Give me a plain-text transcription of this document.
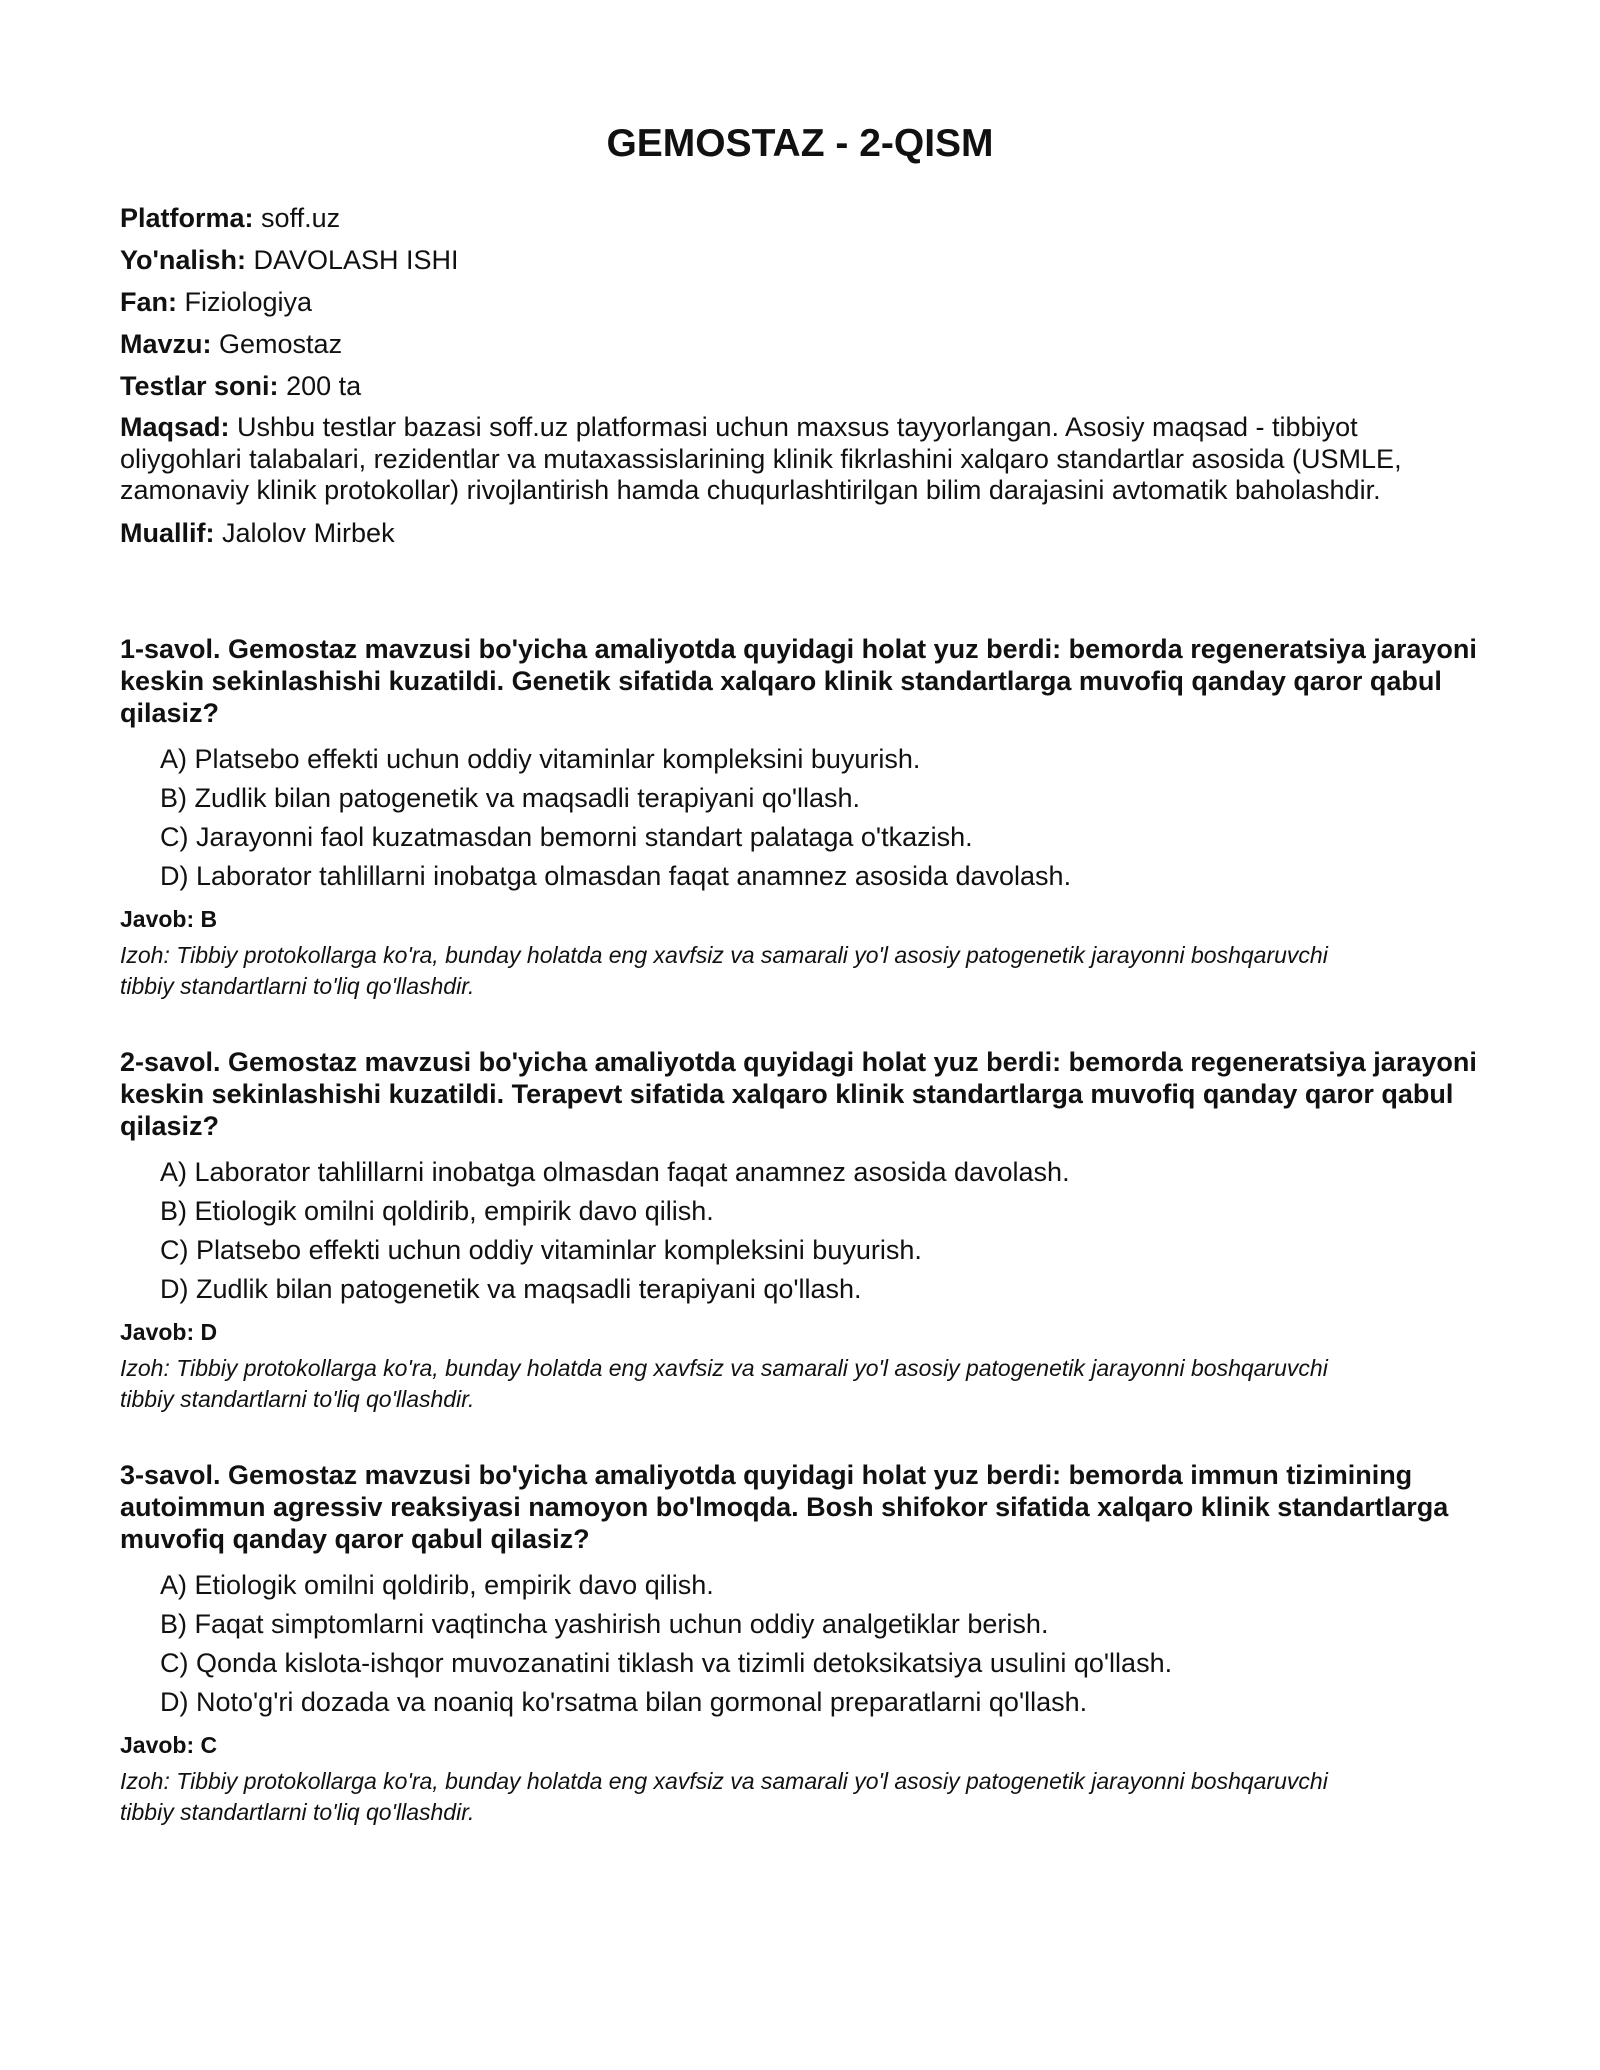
GEMOSTAZ - 2-QISM

Platforma: soff.uz

Yo'nalish: DAVOLASH ISHI

Fan: Fiziologiya

Mavzu: Gemostaz

Testlar soni: 200 ta

Maqsad: Ushbu testlar bazasi soff.uz platformasi uchun maxsus tayyorlangan. Asosiy maqsad - tibbiyot oliygohlari talabalari, rezidentlar va mutaxassislarining klinik fikrlashini xalqaro standartlar asosida (USMLE, zamonaviy klinik protokollar) rivojlantirish hamda chuqurlashtirilgan bilim darajasini avtomatik baholashdir.

Muallif: Jalolov Mirbek

1-savol. Gemostaz mavzusi bo'yicha amaliyotda quyidagi holat yuz berdi: bemorda regeneratsiya jarayoni keskin sekinlashishi kuzatildi. Genetik sifatida xalqaro klinik standartlarga muvofiq qanday qaror qabul qilasiz?

A) Platsebo effekti uchun oddiy vitaminlar kompleksini buyurish.

B) Zudlik bilan patogenetik va maqsadli terapiyani qo'llash.

C) Jarayonni faol kuzatmasdan bemorni standart palataga o'tkazish.

D) Laborator tahlillarni inobatga olmasdan faqat anamnez asosida davolash.

Javob: B

Izoh: Tibbiy protokollarga ko'ra, bunday holatda eng xavfsiz va samarali yo'l asosiy patogenetik jarayonni boshqaruvchi tibbiy standartlarni to'liq qo'llashdir.

2-savol. Gemostaz mavzusi bo'yicha amaliyotda quyidagi holat yuz berdi: bemorda regeneratsiya jarayoni keskin sekinlashishi kuzatildi. Terapevt sifatida xalqaro klinik standartlarga muvofiq qanday qaror qabul qilasiz?

A) Laborator tahlillarni inobatga olmasdan faqat anamnez asosida davolash.

B) Etiologik omilni qoldirib, empirik davo qilish.

C) Platsebo effekti uchun oddiy vitaminlar kompleksini buyurish.

D) Zudlik bilan patogenetik va maqsadli terapiyani qo'llash.

Javob: D

Izoh: Tibbiy protokollarga ko'ra, bunday holatda eng xavfsiz va samarali yo'l asosiy patogenetik jarayonni boshqaruvchi tibbiy standartlarni to'liq qo'llashdir.

3-savol. Gemostaz mavzusi bo'yicha amaliyotda quyidagi holat yuz berdi: bemorda immun tizimining autoimmun agressiv reaksiyasi namoyon bo'lmoqda. Bosh shifokor sifatida xalqaro klinik standartlarga muvofiq qanday qaror qabul qilasiz?

A) Etiologik omilni qoldirib, empirik davo qilish.

B) Faqat simptomlarni vaqtincha yashirish uchun oddiy analgetiklar berish.

C) Qonda kislota-ishqor muvozanatini tiklash va tizimli detoksikatsiya usulini qo'llash.

D) Noto'g'ri dozada va noaniq ko'rsatma bilan gormonal preparatlarni qo'llash.

Javob: C

Izoh: Tibbiy protokollarga ko'ra, bunday holatda eng xavfsiz va samarali yo'l asosiy patogenetik jarayonni boshqaruvchi tibbiy standartlarni to'liq qo'llashdir.
